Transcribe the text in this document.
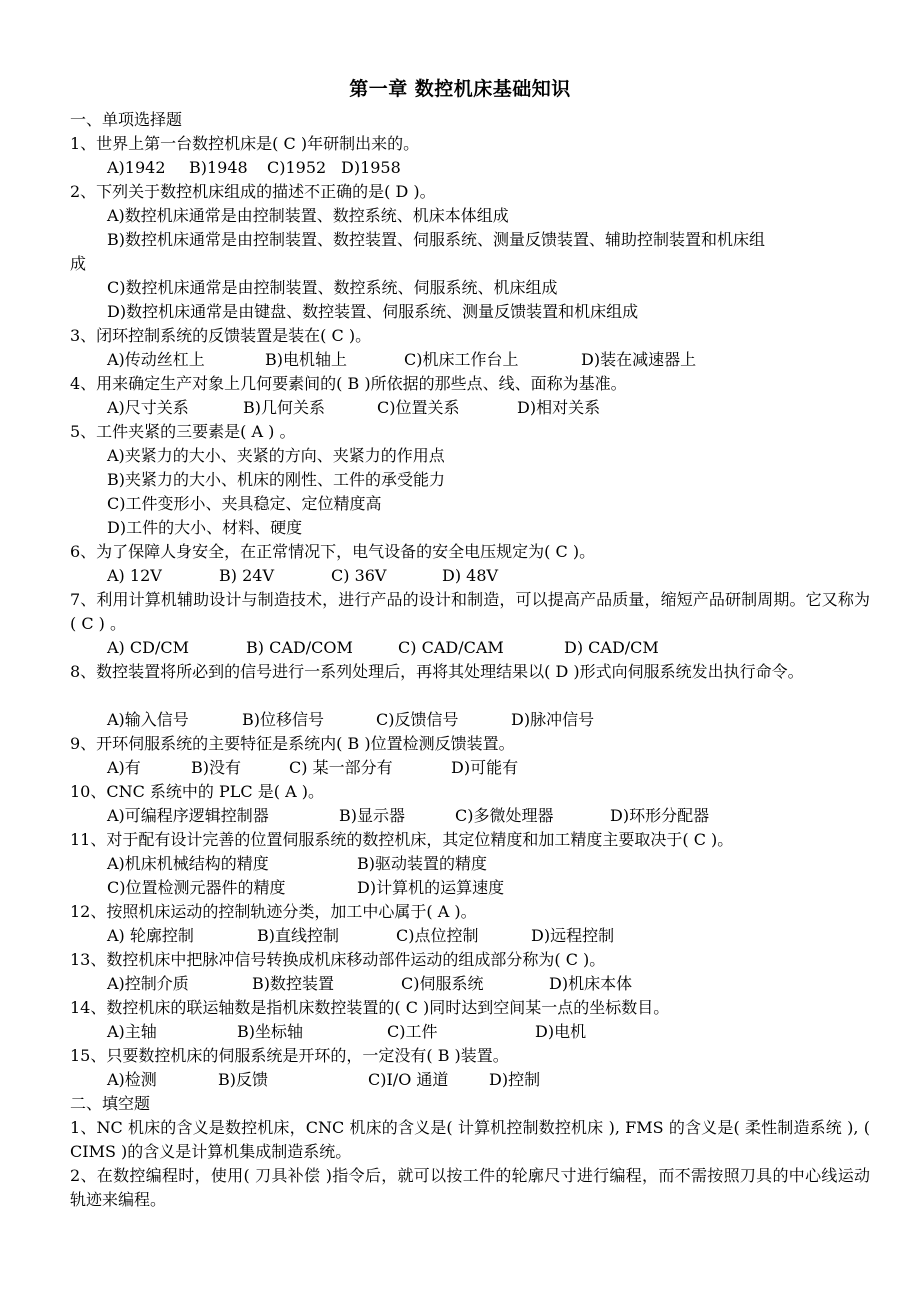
第一章 数控机床基础知识
一、单项选择题
1、世界上第一台数控机床是( C )年研制出来的。
A)1942 B)1948 C)1952 D)1958
2、下列关于数控机床组成的描述不正确的是( D )。
A)数控机床通常是由控制装置、数控系统、机床本体组成
B)数控机床通常是由控制装置、数控装置、伺服系统、测量反馈装置、辅助控制装置和机床组
成
C)数控机床通常是由控制装置、数控系统、伺服系统、机床组成
D)数控机床通常是由键盘、数控装置、伺服系统、测量反馈装置和机床组成
3、闭环控制系统的反馈装置是装在( C )。
A)传动丝杠上	B)电机轴上	C)机床工作台上	D)装在减速器上
4、用来确定生产对象上几何要素间的( B )所依据的那些点、线、面称为基准。
A)尺寸关系	B)几何关系	C)位置关系	D)相对关系
5、工件夹紧的三要素是( A ) 。
A)夹紧力的大小、夹紧的方向、夹紧力的作用点
B)夹紧力的大小、机床的刚性、工件的承受能力
C)工件变形小、夹具稳定、定位精度高
D)工件的大小、材料、硬度
6、为了保障人身安全，在正常情况下，电气设备的安全电压规定为( C )。
A) 12V	B) 24V	C) 36V	D) 48V
7、利用计算机辅助设计与制造技术，进行产品的设计和制造，可以提高产品质量，缩短产品研制周期。它又称为( C ) 。
A) CD/CM	B) CAD/COM	C) CAD/CAM	D) CAD/CM
8、数控装置将所必到的信号进行一系列处理后，再将其处理结果以( D )形式向伺服系统发出执行命令。
A)输入信号	B)位移信号	C)反馈信号	D)脉冲信号
9、开环伺服系统的主要特征是系统内( B )位置检测反馈装置。
A)有	B)没有	C) 某一部分有	D)可能有
10、CNC 系统中的 PLC 是( A )。
A)可编程序逻辑控制器	B)显示器	C)多微处理器	D)环形分配器
11、对于配有设计完善的位置伺服系统的数控机床，其定位精度和加工精度主要取决于( C )。
A)机床机械结构的精度	B)驱动装置的精度
C)位置检测元器件的精度	D)计算机的运算速度
12、按照机床运动的控制轨迹分类，加工中心属于( A )。
A) 轮廓控制	B)直线控制	C)点位控制	D)远程控制
13、数控机床中把脉冲信号转换成机床移动部件运动的组成部分称为( C )。
A)控制介质	B)数控装置	C)伺服系统	D)机床本体
14、数控机床的联运轴数是指机床数控装置的( C )同时达到空间某一点的坐标数目。
A)主轴	B)坐标轴	C)工件	D)电机
15、只要数控机床的伺服系统是开环的，一定没有( B )装置。
A)检测	B)反馈	C)I/O 通道	D)控制
二、填空题
1、NC 机床的含义是数控机床，CNC 机床的含义是( 计算机控制数控机床 ), FMS 的含义是( 柔性制造系统 ), ( CIMS )的含义是计算机集成制造系统。
2、在数控编程时，使用( 刀具补偿 )指令后，就可以按工件的轮廓尺寸进行编程，而不需按照刀具的中心线运动轨迹来编程。
